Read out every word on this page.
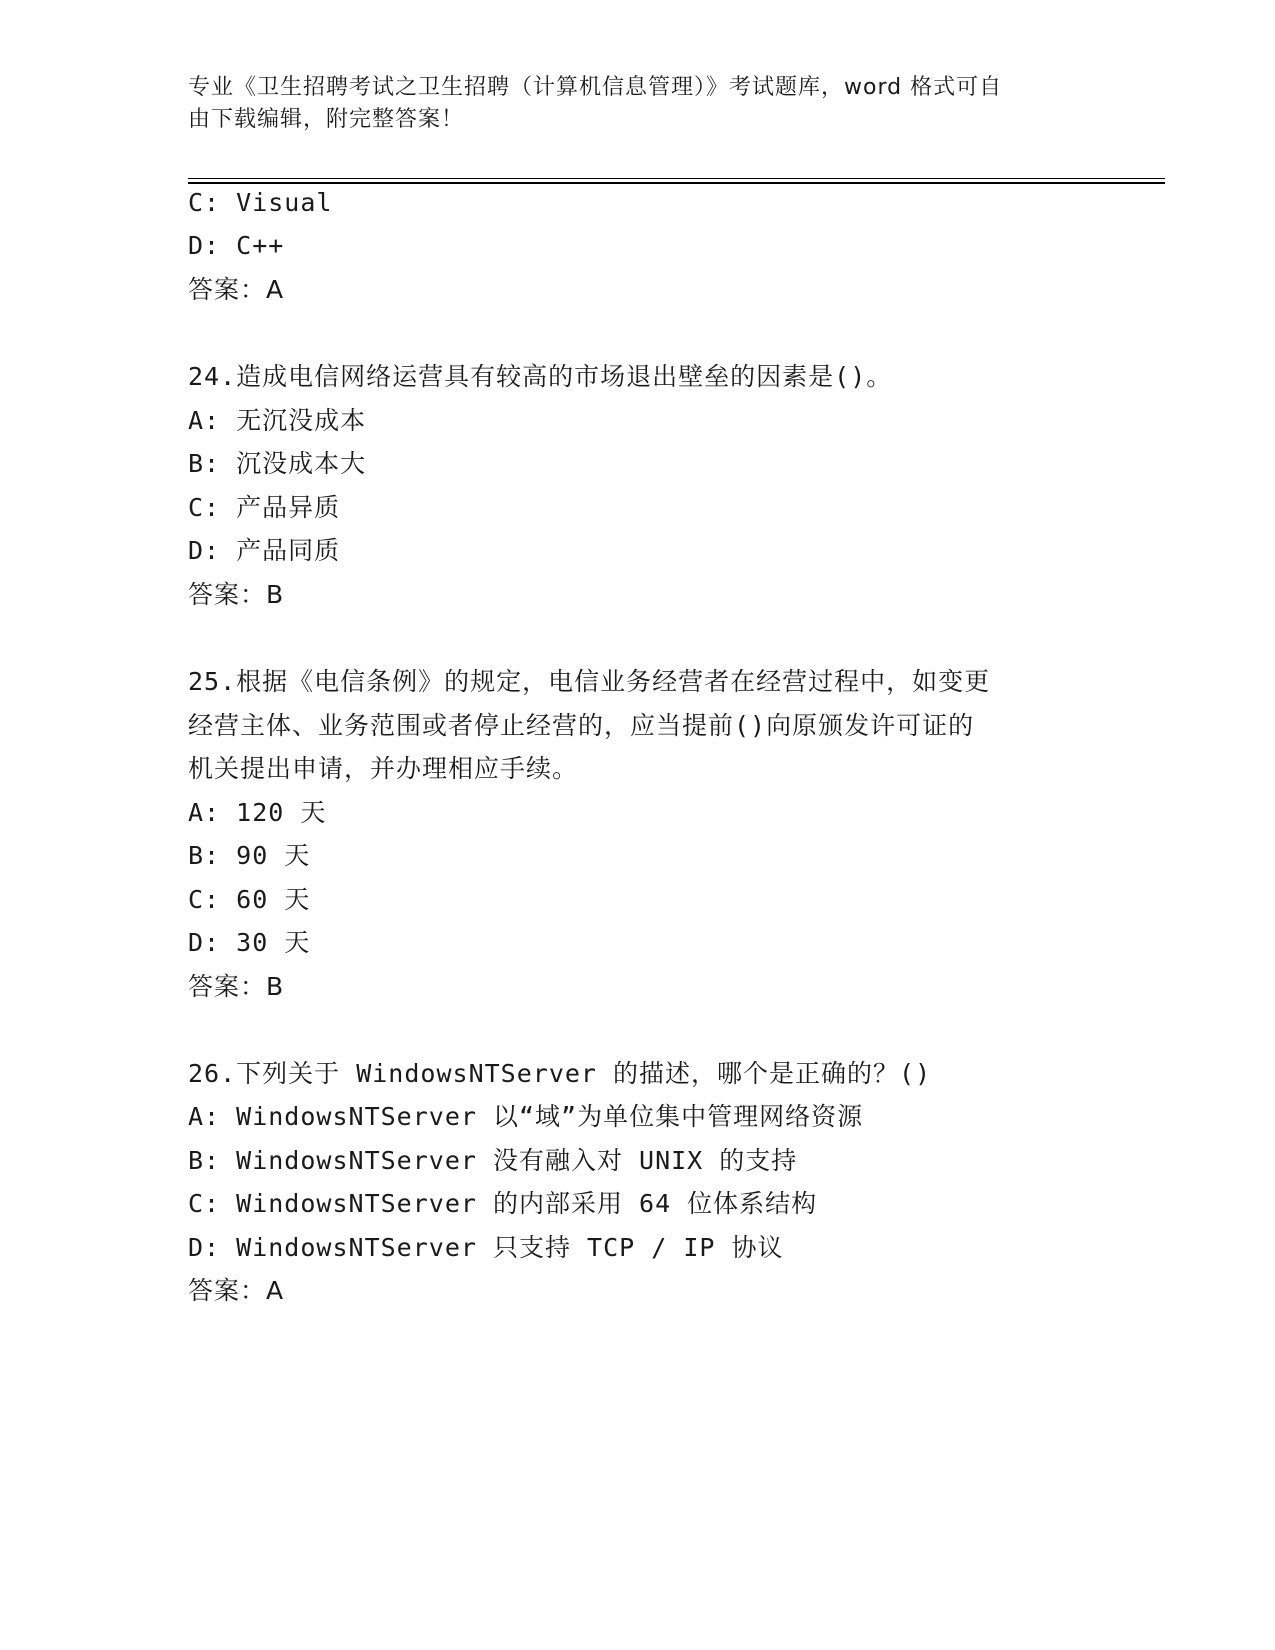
专业《卫生招聘考试之卫生招聘（计算机信息管理）》考试题库，word 格式可自
由下载编辑，附完整答案！
C: Visual
D: C++
答案：A
24.造成电信网络运营具有较高的市场退出壁垒的因素是()。
A: 无沉没成本
B: 沉没成本大
C: 产品异质
D: 产品同质
答案：B
25.根据《电信条例》的规定，电信业务经营者在经营过程中，如变更
经营主体、业务范围或者停止经营的，应当提前()向原颁发许可证的
机关提出申请，并办理相应手续。
A: 120 天
B: 90 天
C: 60 天
D: 30 天
答案：B
26.下列关于 WindowsNTServer 的描述，哪个是正确的？()
A: WindowsNTServer 以“域”为单位集中管理网络资源
B: WindowsNTServer 没有融入对 UNIX 的支持
C: WindowsNTServer 的内部采用 64 位体系结构
D: WindowsNTServer 只支持 TCP / IP 协议
答案：A
